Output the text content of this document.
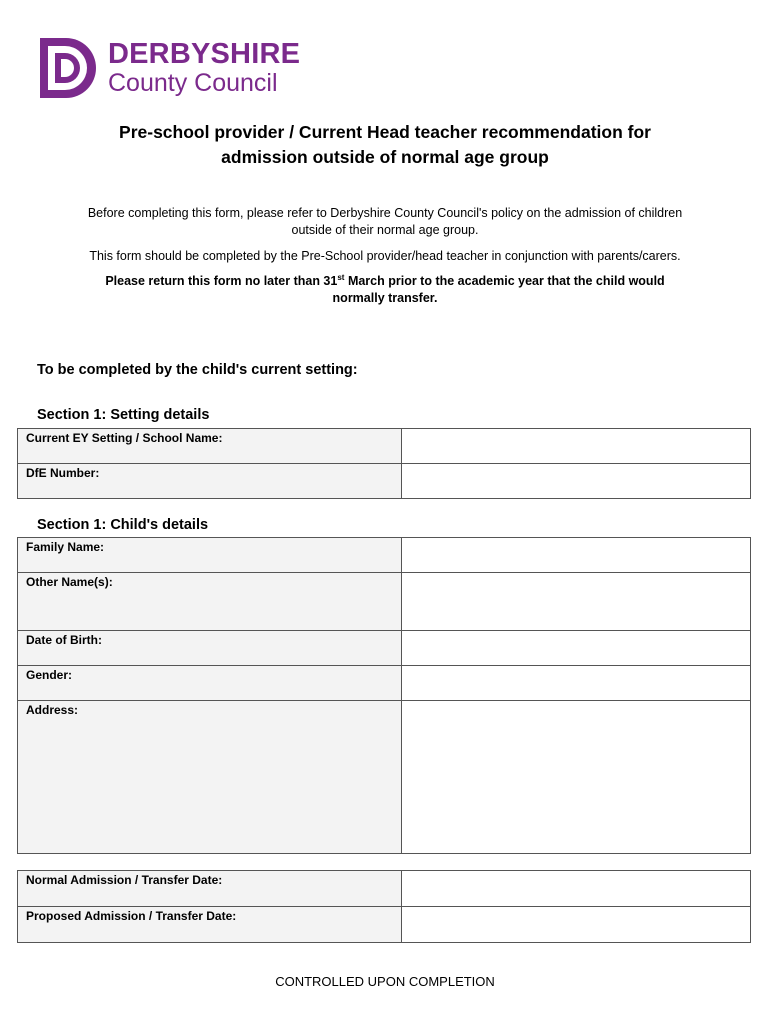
DERBYSHIRE
County Council
Pre-school provider / Current Head teacher recommendation for
admission outside of normal age group

Before completing this form, please refer to Derbyshire County Council's policy on the admission of children
outside of their normal age group.

This form should be completed by the Pre-School provider/head teacher in conjunction with parents/carers.

Please return this form no later than 31st March prior to the academic year that the child would
normally transfer.

To be completed by the child's current setting:
Section 1: Setting details
Current EY Setting / School Name:	
DfE Number:	
Section 1: Child's details
Family Name:	
Other Name(s):	
Date of Birth:	
Gender:	
Address:	
Normal Admission / Transfer Date:	
Proposed Admission / Transfer Date:	

CONTROLLED UPON COMPLETION
